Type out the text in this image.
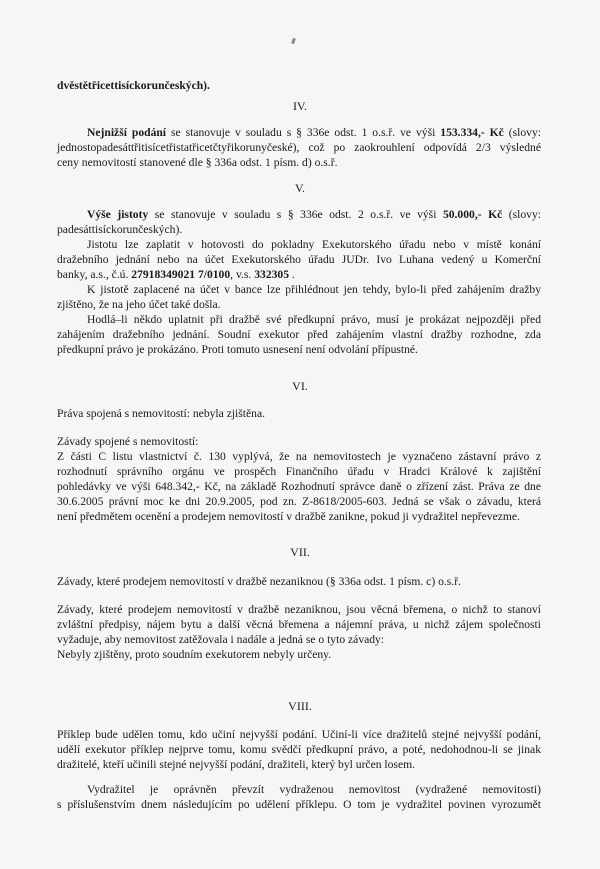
dvěstětřicettisíckorunčeských).
IV.
Nejnižší podání se stanovuje v souladu s § 336e odst. 1 o.s.ř. ve výši 153.334,- Kč (slovy:
jednostopadesáttřitisícetřistatřicetčtyřikorunyčeské), což po zaokrouhlení odpovídá 2/3 výsledné
ceny nemovitostí stanovené dle § 336a odst. 1 písm. d) o.s.ř.
V.
Výše jistoty se stanovuje v souladu s § 336e odst. 2 o.s.ř. ve výši 50.000,- Kč (slovy:
padesáttisíckorunčeských).
Jistotu lze zaplatit v hotovosti do pokladny Exekutorského úřadu nebo v místě konání
dražebního jednání nebo na účet Exekutorského úřadu JUDr. Ivo Luhana vedený u Komerční
banky, a.s., č.ú. 27918349021 7/0100, v.s. 332305 .
K jistotě zaplacené na účet v bance lze přihlédnout jen tehdy, bylo-li před zahájením dražby
zjištěno, že na jeho účet také došla.
Hodlá–li někdo uplatnit při dražbě své předkupní právo, musí je prokázat nejpozději před
zahájením dražebního jednání. Soudní exekutor před zahájením vlastní dražby rozhodne, zda
předkupní právo je prokázáno. Proti tomuto usnesení není odvolání přípustné.
VI.
Práva spojená s nemovitostí: nebyla zjištěna.
Závady spojené s nemovitostí:
Z části C listu vlastnictví č. 130 vyplývá, že na nemovitostech je vyznačeno zástavní právo z
rozhodnutí správního orgánu ve prospěch Finančního úřadu v Hradci Králové k zajištění
pohledávky ve výši 648.342,- Kč, na základě Rozhodnutí správce daně o zřízení zást. Práva ze dne
30.6.2005 právní moc ke dni 20.9.2005, pod zn. Z-8618/2005-603. Jedná se však o závadu, která
není předmětem ocenění a prodejem nemovitostí v dražbě zanikne, pokud ji vydražitel nepřevezme.
VII.
Závady, které prodejem nemovitostí v dražbě nezaniknou (§ 336a odst. 1 písm. c) o.s.ř.
Závady, které prodejem nemovitostí v dražbě nezaniknou, jsou věcná břemena, o nichž to stanoví
zvláštní předpisy, nájem bytu a další věcná břemena a nájemní práva, u nichž zájem společnosti
vyžaduje, aby nemovitost zatěžovala i nadále a jedná se o tyto závady:
Nebyly zjištěny, proto soudním exekutorem nebyly určeny.
VIII.
Příklep bude udělen tomu, kdo učiní nejvyšší podání. Učiní-li více dražitelů stejné nejvyšší podání,
udělí exekutor příklep nejprve tomu, komu svědčí předkupní právo, a poté, nedohodnou-li se jinak
dražitelé, kteří učinili stejné nejvyšší podání, dražiteli, který byl určen losem.
Vydražitel je oprávněn převzít vydraženou nemovitost (vydražené nemovitosti)
s příslušenstvím dnem následujícím po udělení příklepu. O tom je vydražitel povinen vyrozumět
